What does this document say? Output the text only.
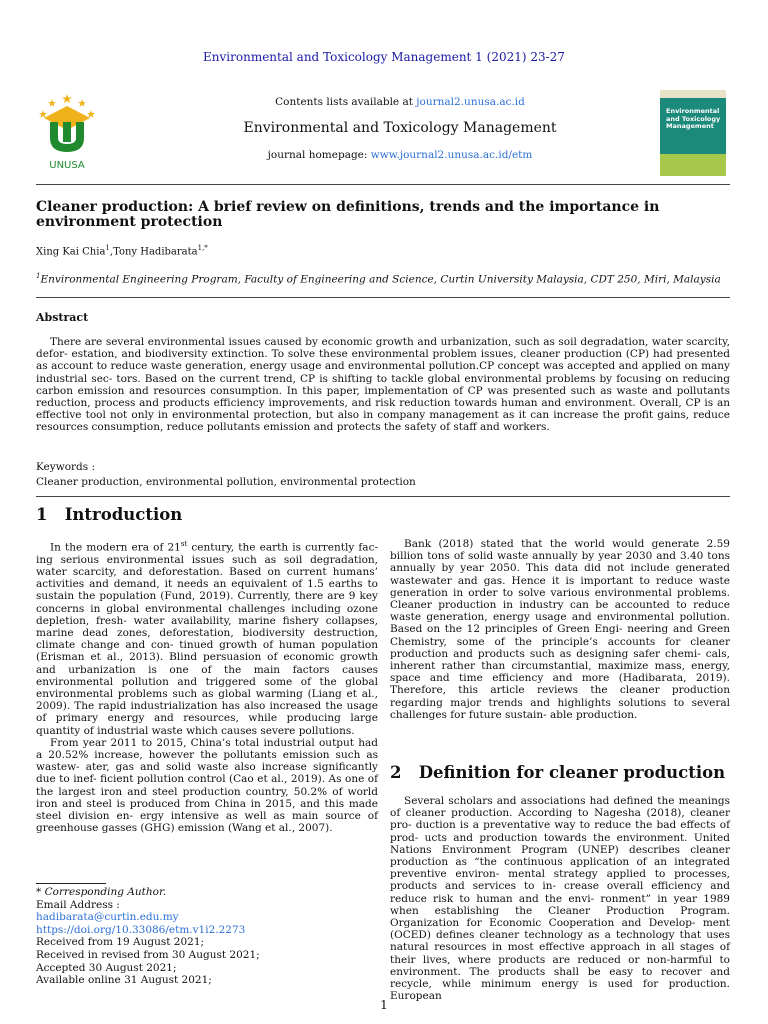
Environmental and Toxicology Management 1 (2021) 23-27
UNUSA
Contents lists available at journal2.unusa.ac.id
Environmental and Toxicology Management
journal homepage: www.journal2.unusa.ac.id/etm
Environmental and Toxicology Management
Cleaner production: A brief review on definitions, trends and the importance in environment protection
Xing Kai Chia$^1$,Tony Hadibarata$^{1,*}$
$^1$Environmental Engineering Program, Faculty of Engineering and Science, Curtin University Malaysia, CDT 250, Miri, Malaysia
Abstract
There are several environmental issues caused by economic growth and urbanization, such as soil degradation, water scarcity, defor- estation, and biodiversity extinction. To solve these environmental problem issues, cleaner production (CP) had presented as account to reduce waste generation, energy usage and environmental pollution.CP concept was accepted and applied on many industrial sec- tors. Based on the current trend, CP is shifting to tackle global environmental problems by focusing on reducing carbon emission and resources consumption. In this paper, implementation of CP was presented such as waste and pollutants reduction, process and products efficiency improvements, and risk reduction towards human and environment. Overall, CP is an effective tool not only in environmental protection, but also in company management as it can increase the profit gains, reduce resources consumption, reduce pollutants emission and protects the safety of staff and workers.
Keywords :
Cleaner production, environmental pollution, environmental protection
1 Introduction

In the modern era of 21st century, the earth is currently fac- ing serious environmental issues such as soil degradation, water scarcity, and deforestation. Based on current humans’ activities and demand, it needs an equivalent of 1.5 earths to sustain the population (Fund, 2019). Currently, there are 9 key concerns in global environmental challenges including ozone depletion, fresh- water availability, marine fishery collapses, marine dead zones, deforestation, biodiversity destruction, climate change and con- tinued growth of human population (Erisman et al., 2013). Blind persuasion of economic growth and urbanization is one of the main factors causes environmental pollution and triggered some of the global environmental problems such as global warming (Liang et al., 2009). The rapid industrialization has also increased the usage of primary energy and resources, while producing large quantity of industrial waste which causes severe pollutions.

From year 2011 to 2015, China’s total industrial output had a 20.52% increase, however the pollutants emission such as wastew- ater, gas and solid waste also increase significantly due to inef- ficient pollution control (Cao et al., 2019). As one of the largest iron and steel production country, 50.2% of world iron and steel is produced from China in 2015, and this made steel division en- ergy intensive as well as main source of greenhouse gasses (GHG) emission (Wang et al., 2007).

* Corresponding Author.
Email Address :
hadibarata@curtin.edu.my
https://doi.org/10.33086/etm.v1i2.2273
Received from 19 August 2021;
Received in revised from 30 August 2021;
Accepted 30 August 2021;
Available online 31 August 2021;

Bank (2018) stated that the world would generate 2.59 billion tons of solid waste annually by year 2030 and 3.40 tons annually by year 2050. This data did not include generated wastewater and gas. Hence it is important to reduce waste generation in order to solve various environmental problems. Cleaner production in industry can be accounted to reduce waste generation, energy usage and environmental pollution. Based on the 12 principles of Green Engi- neering and Green Chemistry, some of the principle’s accounts for cleaner production and products such as designing safer chemi- cals, inherent rather than circumstantial, maximize mass, energy, space and time efficiency and more (Hadibarata, 2019). Therefore, this article reviews the cleaner production regarding major trends and highlights solutions to several challenges for future sustain- able production.

2 Definition for cleaner production

Several scholars and associations had defined the meanings of cleaner production. According to Nagesha (2018), cleaner pro- duction is a preventative way to reduce the bad effects of prod- ucts and production towards the environment. United Nations Environment Program (UNEP) describes cleaner production as “the continuous application of an integrated preventive environ- mental strategy applied to processes, products and services to in- crease overall efficiency and reduce risk to human and the envi- ronment” in year 1989 when establishing the Cleaner Production Program. Organization for Economic Cooperation and Develop- ment (OCED) defines cleaner technology as a technology that uses natural resources in most effective approach in all stages of their lives, where products are reduced or non-harmful to environment. The products shall be easy to recover and recycle, while minimum energy is used for production. European

1
